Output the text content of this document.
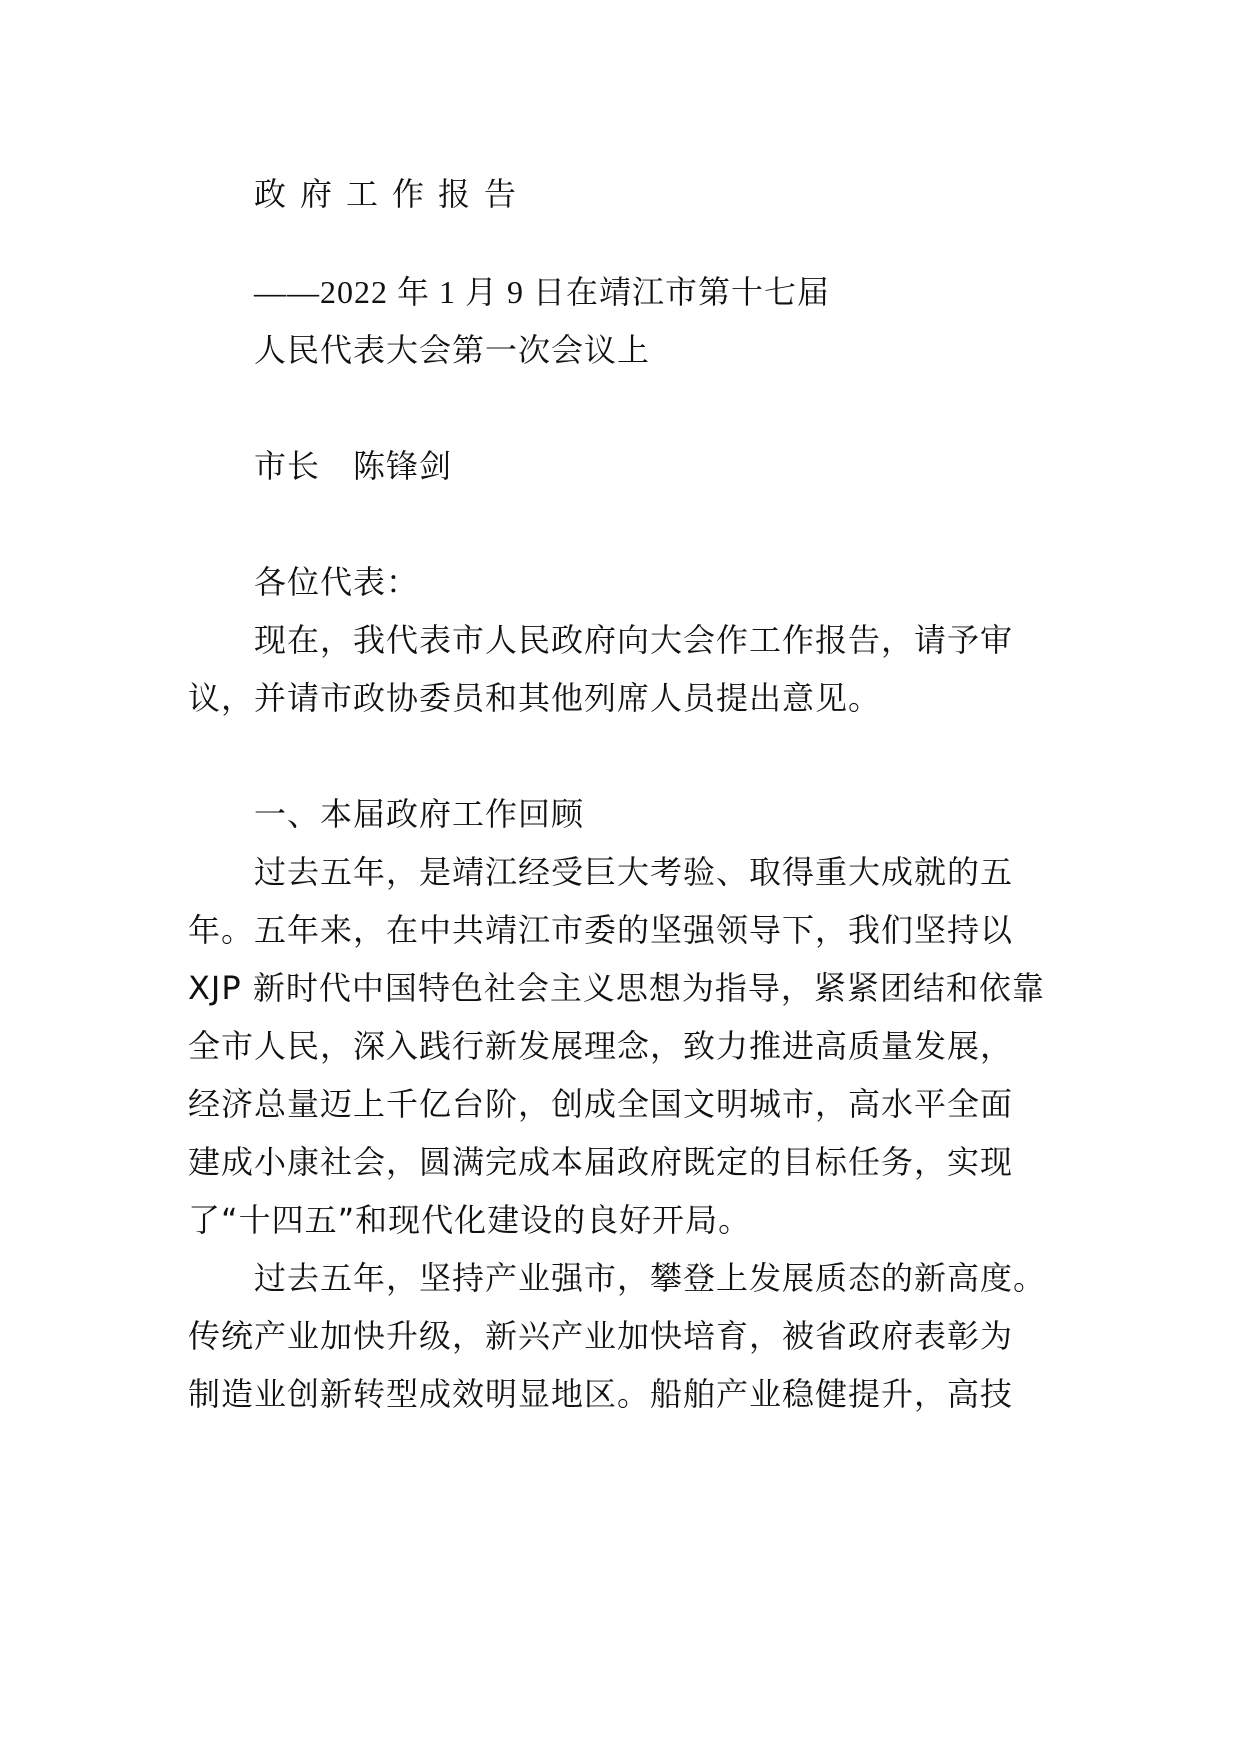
政府工作报告

——2022 年 1 月 9 日在靖江市第十七届

人民代表大会第一次会议上

市长　陈锋剑

各位代表：

现在，我代表市人民政府向大会作工作报告，请予审

议，并请市政协委员和其他列席人员提出意见。

一、本届政府工作回顾

过去五年，是靖江经受巨大考验、取得重大成就的五

年。五年来，在中共靖江市委的坚强领导下，我们坚持以

XJP 新时代中国特色社会主义思想为指导，紧紧团结和依靠

全市人民，深入践行新发展理念，致力推进高质量发展，

经济总量迈上千亿台阶，创成全国文明城市，高水平全面

建成小康社会，圆满完成本届政府既定的目标任务，实现

了“十四五”和现代化建设的良好开局。

过去五年，坚持产业强市，攀登上发展质态的新高度。

传统产业加快升级，新兴产业加快培育，被省政府表彰为

制造业创新转型成效明显地区。船舶产业稳健提升，高技
